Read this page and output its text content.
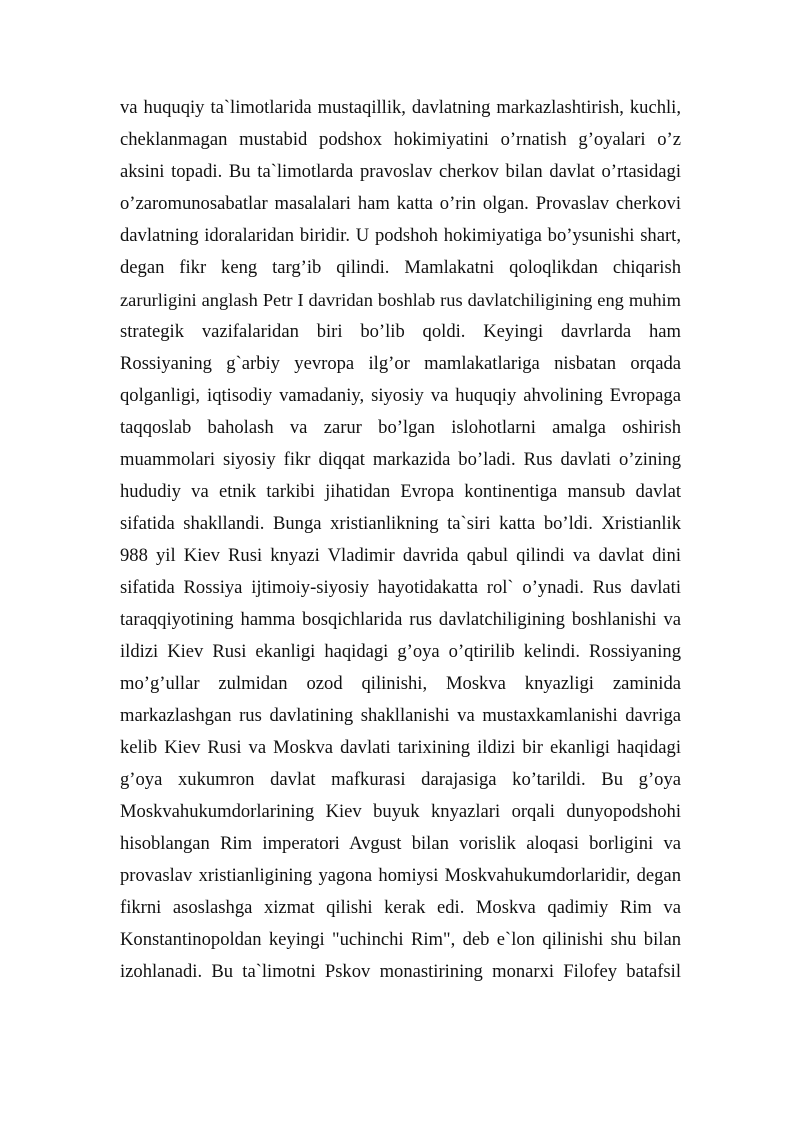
va huquqiy ta`limotlarida mustaqillik, davlatning markazlashtirish, kuchli,
cheklanmagan mustabid podshox hokimiyatini o’rnatish g’oyalari o’z
aksini topadi. Bu ta`limotlarda pravoslav cherkov bilan davlat o’rtasidagi
o’zaromunosabatlar masalalari ham katta o’rin olgan. Provaslav cherkovi
davlatning idoralaridan biridir. U podshoh hokimiyatiga bo’ysunishi shart,
degan fikr keng targ’ib qilindi. Mamlakatni qoloqlikdan chiqarish
zarurligini anglash Petr I davridan boshlab rus davlatchiligining eng muhim
strategik vazifalaridan biri bo’lib qoldi. Keyingi davrlarda ham
Rossiyaning g`arbiy yevropa ilg’or mamlakatlariga nisbatan orqada
qolganligi, iqtisodiy vamadaniy, siyosiy va huquqiy ahvolining Evropaga
taqqoslab baholash va zarur bo’lgan islohotlarni amalga oshirish
muammolari siyosiy fikr diqqat markazida bo’ladi. Rus davlati o’zining
hududiy va etnik tarkibi jihatidan Evropa kontinentiga mansub davlat
sifatida shakllandi. Bunga xristianlikning ta`siri katta bo’ldi. Xristianlik
988 yil Kiev Rusi knyazi Vladimir davrida qabul qilindi va davlat dini
sifatida Rossiya ijtimoiy-siyosiy hayotidakatta rol` o’ynadi. Rus davlati
taraqqiyotining hamma bosqichlarida rus davlatchiligining boshlanishi va
ildizi Kiev Rusi ekanligi haqidagi g’oya o’qtirilib kelindi. Rossiyaning
mo’g’ullar zulmidan ozod qilinishi, Moskva knyazligi zaminida
markazlashgan rus davlatining shakllanishi va mustaxkamlanishi davriga
kelib Kiev Rusi va Moskva davlati tarixining ildizi bir ekanligi haqidagi
g’oya xukumron davlat mafkurasi darajasiga ko’tarildi. Bu g’oya
Moskvahukumdorlarining Kiev buyuk knyazlari orqali dunyopodshohi
hisoblangan Rim imperatori Avgust bilan vorislik aloqasi borligini va
provaslav xristianligining yagona homiysi Moskvahukumdorlaridir, degan
fikrni asoslashga xizmat qilishi kerak edi. Moskva qadimiy Rim va
Konstantinopoldan keyingi "uchinchi Rim", deb e`lon qilinishi shu bilan
izohlanadi. Bu ta`limotni Pskov monastirining monarxi Filofey batafsil
